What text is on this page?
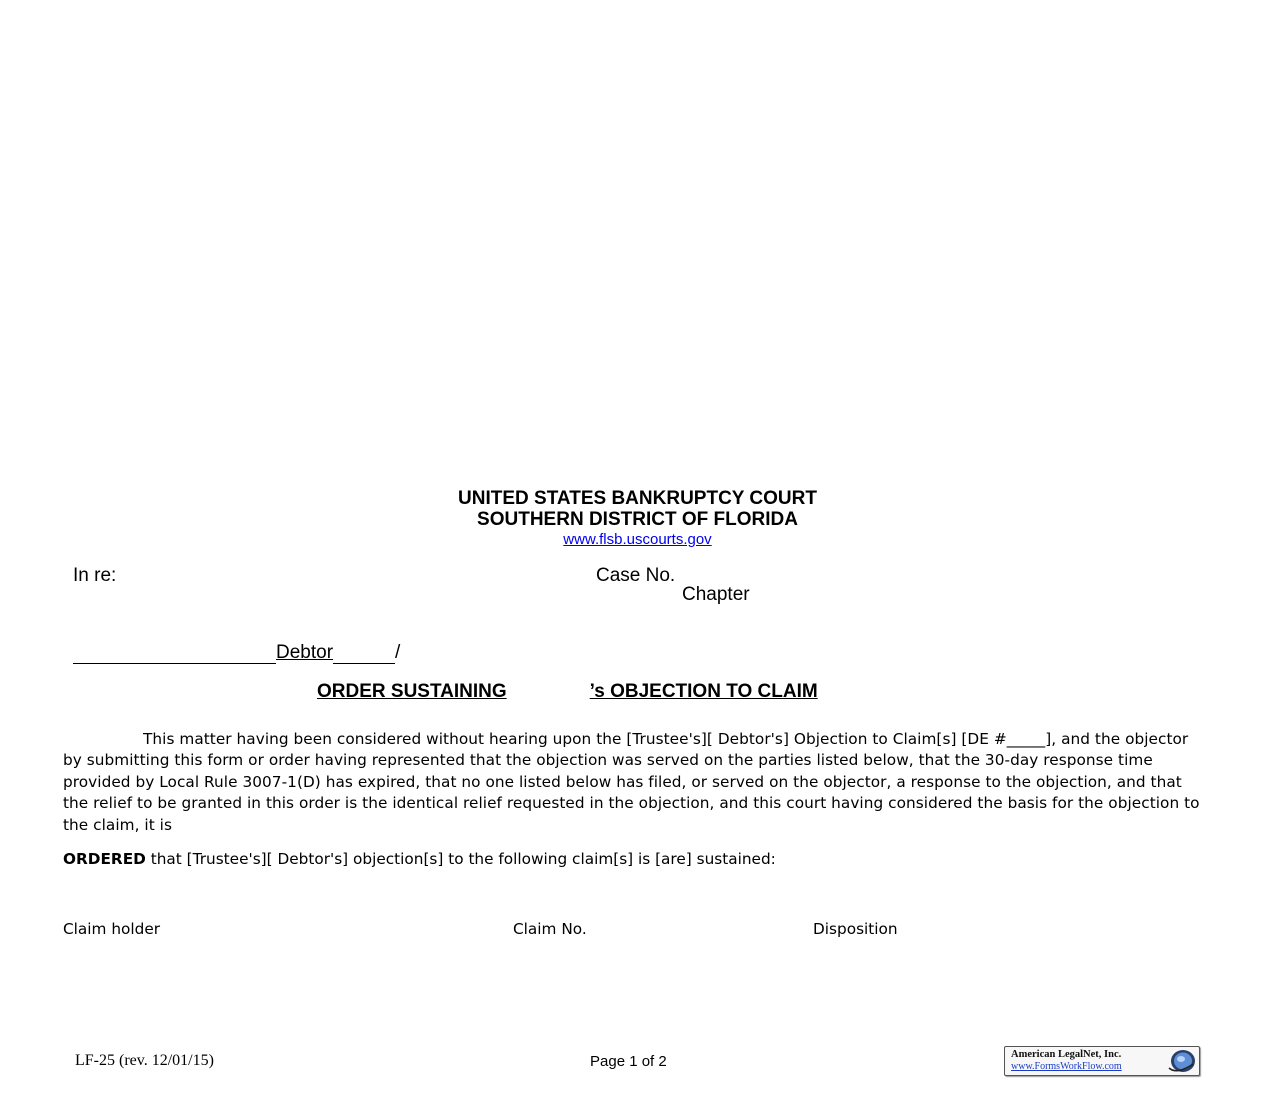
UNITED STATES BANKRUPTCY COURT
SOUTHERN DISTRICT OF FLORIDA
www.flsb.uscourts.gov
In re:	Case No.
Chapter
Debtor	/
ORDER SUSTAINING	’s OBJECTION TO CLAIM
This matter having been considered without hearing upon the [Trustee's][ Debtor's] Objection to Claim[s] [DE #_____], and the objector by submitting this form or order having represented that the objection was served on the parties listed below, that the 30-day response time provided by Local Rule 3007-1(D) has expired, that no one listed below has filed, or served on the objector, a response to the objection, and that the relief to be granted in this order is the identical relief requested in the objection, and this court having considered the basis for the objection to the claim, it is
ORDERED that [Trustee's][ Debtor's] objection[s] to the following claim[s] is [are] sustained:
Claim holder	Claim No.	Disposition
LF-25 (rev. 12/01/15)	Page 1 of 2	American LegalNet, Inc.
www.FormsWorkFlow.com
